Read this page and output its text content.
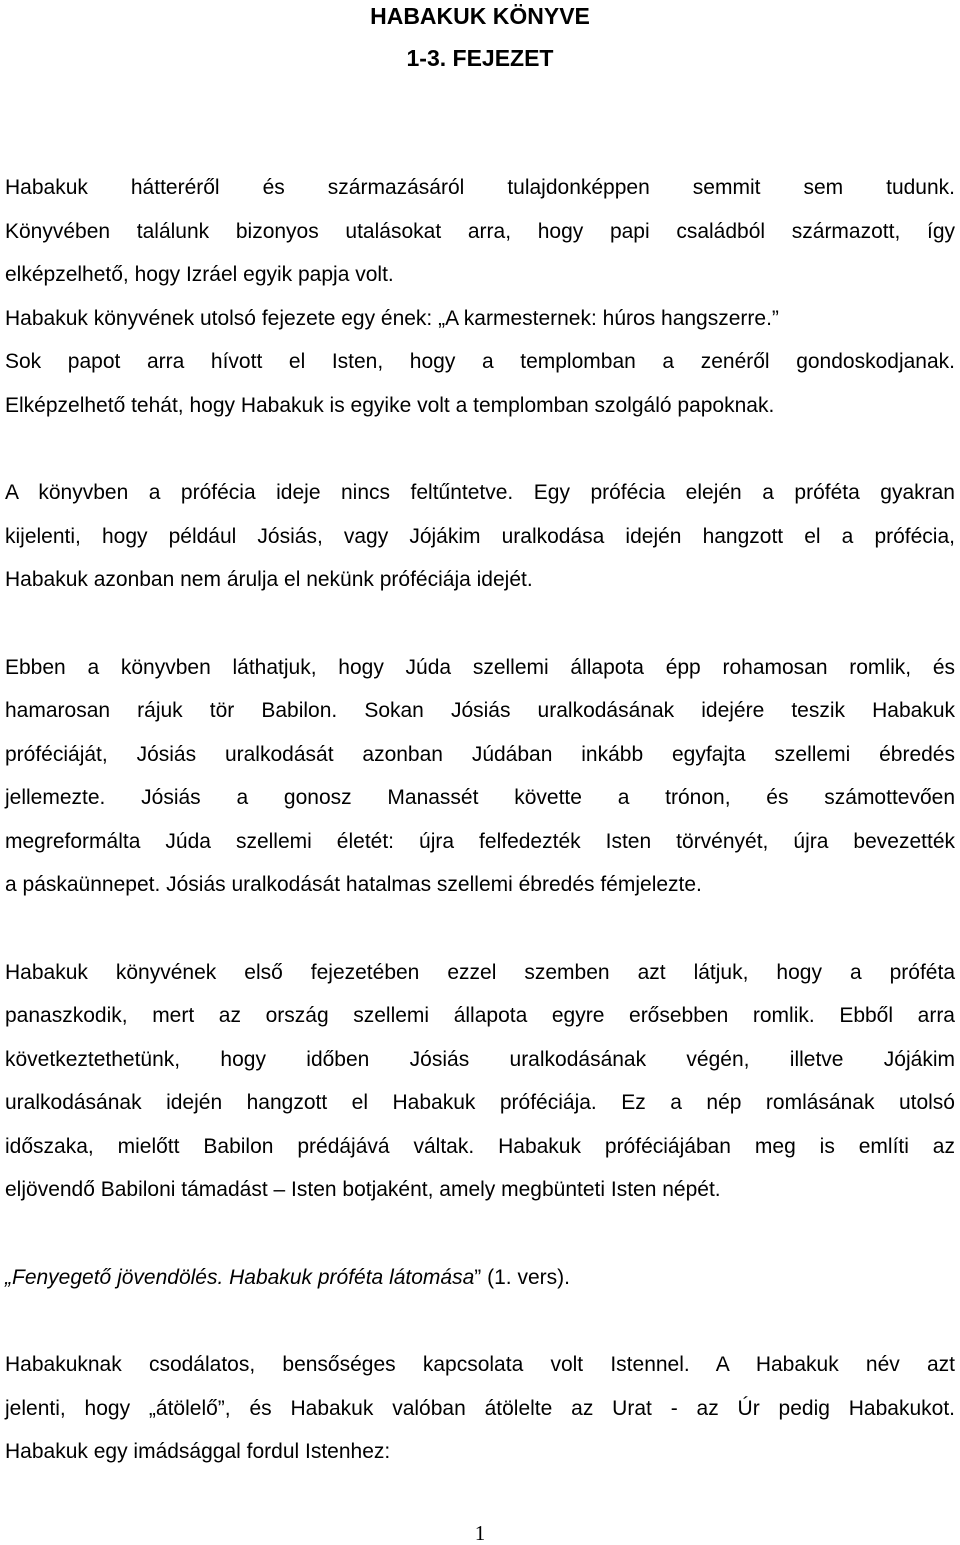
HABAKUK KÖNYVE
1-3. FEJEZET

Habakuk hátteréről és származásáról tulajdonképpen semmit sem tudunk.
Könyvében találunk bizonyos utalásokat arra, hogy papi családból származott, így
elképzelhető, hogy Izráel egyik papja volt.
Habakuk könyvének utolsó fejezete egy ének: „A karmesternek: húros hangszerre.”
Sok papot arra hívott el Isten, hogy a templomban a zenéről gondoskodjanak.
Elképzelhető tehát, hogy Habakuk is egyike volt a templomban szolgáló papoknak.

A könyvben a prófécia ideje nincs feltűntetve. Egy prófécia elején a próféta gyakran
kijelenti, hogy például Jósiás, vagy Jójákim uralkodása idején hangzott el a prófécia,
Habakuk azonban nem árulja el nekünk próféciája idejét.

Ebben a könyvben láthatjuk, hogy Júda szellemi állapota épp rohamosan romlik, és
hamarosan rájuk tör Babilon. Sokan Jósiás uralkodásának idejére teszik Habakuk
próféciáját, Jósiás uralkodását azonban Júdában inkább egyfajta szellemi ébredés
jellemezte. Jósiás a gonosz Manassét követte a trónon, és számottevően
megreformálta Júda szellemi életét: újra felfedezték Isten törvényét, újra bevezették
a páskaünnepet. Jósiás uralkodását hatalmas szellemi ébredés fémjelezte.

Habakuk könyvének első fejezetében ezzel szemben azt látjuk, hogy a próféta
panaszkodik, mert az ország szellemi állapota egyre erősebben romlik. Ebből arra
következtethetünk, hogy időben Jósiás uralkodásának végén, illetve Jójákim
uralkodásának idején hangzott el Habakuk próféciája. Ez a nép romlásának utolsó
időszaka, mielőtt Babilon prédájává váltak. Habakuk próféciájában meg is említi az
eljövendő Babiloni támadást – Isten botjaként, amely megbünteti Isten népét.

„Fenyegető jövendölés. Habakuk próféta látomása” (1. vers).

Habakuknak csodálatos, bensőséges kapcsolata volt Istennel. A Habakuk név azt
jelenti, hogy „átölelő”, és Habakuk valóban átölelte az Urat - az Úr pedig Habakukot.
Habakuk egy imádsággal fordul Istenhez:

1
